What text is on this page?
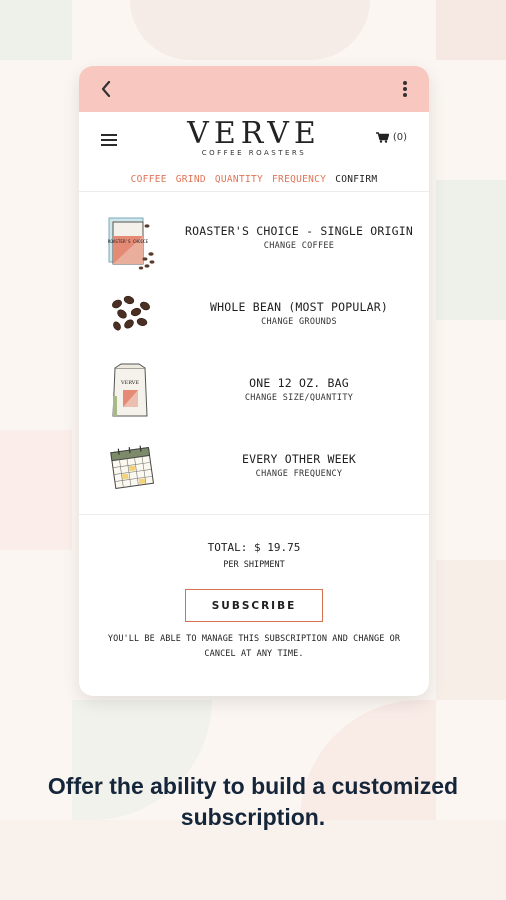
VERVE
COFFEE ROASTERS
(0)
COFFEE GRIND QUANTITY FREQUENCY CONFIRM
ROASTER'S CHOICE
ROASTER'S CHOICE - SINGLE ORIGIN
CHANGE COFFEE
WHOLE BEAN (MOST POPULAR)
CHANGE GROUNDS
VERVE	ONE 12 OZ. BAG
CHANGE SIZE/QUANTITY
EVERY OTHER WEEK
CHANGE FREQUENCY
TOTAL: $ 19.75
PER SHIPMENT
SUBSCRIBE
YOU'LL BE ABLE TO MANAGE THIS SUBSCRIPTION AND CHANGE OR CANCEL AT ANY TIME.
Offer the ability to build a customized subscription.
